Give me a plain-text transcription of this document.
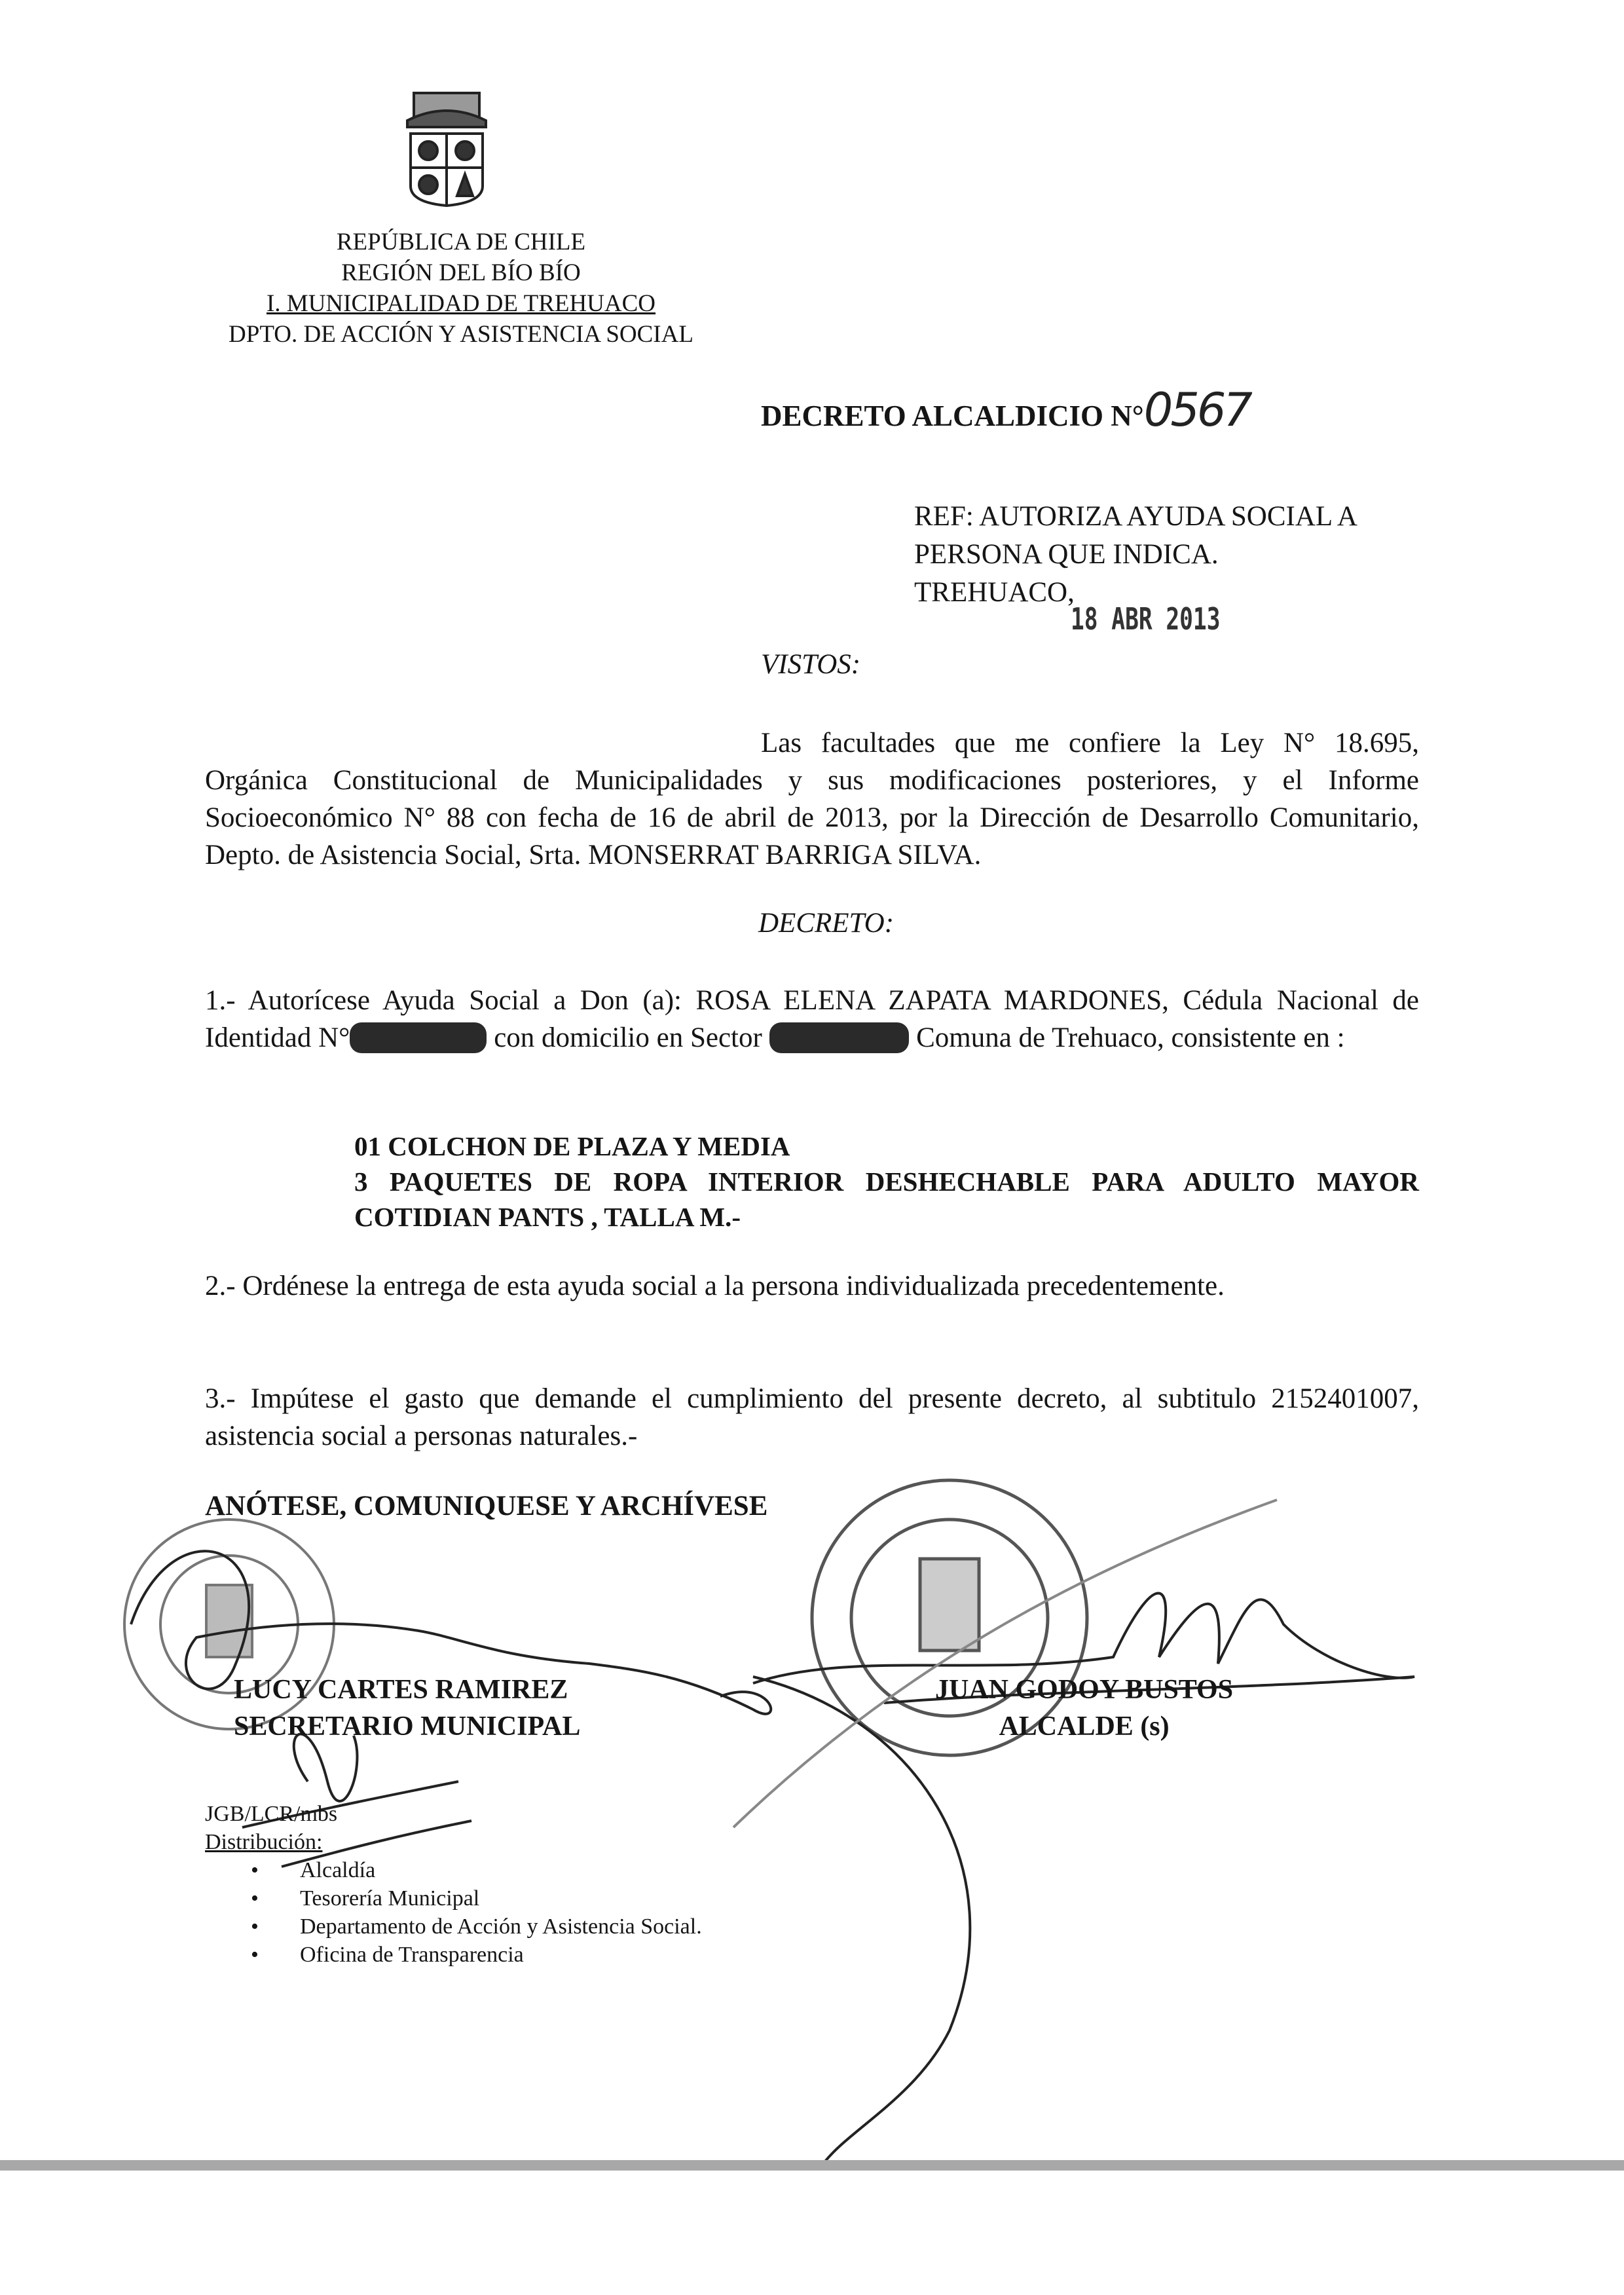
REPÚBLICA DE CHILE
REGIÓN DEL BÍO BÍO
I. MUNICIPALIDAD DE TREHUACO
DPTO. DE ACCIÓN Y ASISTENCIA SOCIAL
DECRETO ALCALDICIO N°0567
REF: AUTORIZA AYUDA SOCIAL A
PERSONA QUE INDICA.
TREHUACO,
18 ABR 2013
VISTOS:
Las facultades que me confiere la Ley N° 18.695, Orgánica Constitucional de Municipalidades y sus modificaciones posteriores, y el Informe Socioeconómico N° 88 con fecha de 16 de abril de 2013, por la Dirección de Desarrollo Comunitario, Depto. de Asistencia Social, Srta. MONSERRAT BARRIGA SILVA.
DECRETO:
1.- Autorícese Ayuda Social a Don (a): ROSA ELENA ZAPATA MARDONES, Cédula Nacional de Identidad N° 5890072-9, con domicilio en Sector Caña Dulce Comuna de Trehuaco, consistente en :
01 COLCHON DE PLAZA Y MEDIA
3 PAQUETES DE ROPA INTERIOR DESHECHABLE PARA ADULTO MAYOR COTIDIAN PANTS , TALLA M.-
2.- Ordénese la entrega de esta ayuda social a la persona individualizada precedentemente.
3.- Impútese el gasto que demande el cumplimiento del presente decreto, al subtitulo 2152401007, asistencia social a personas naturales.-
ANÓTESE, COMUNIQUESE Y ARCHÍVESE
LUCY CARTES RAMIREZ
SECRETARIO MUNICIPAL
JUAN GODOY BUSTOS
ALCALDE (s)
JGB/LCR/mbs
Distribución:
• Alcaldía
• Tesorería Municipal
• Departamento de Acción y Asistencia Social.
• Oficina de Transparencia
